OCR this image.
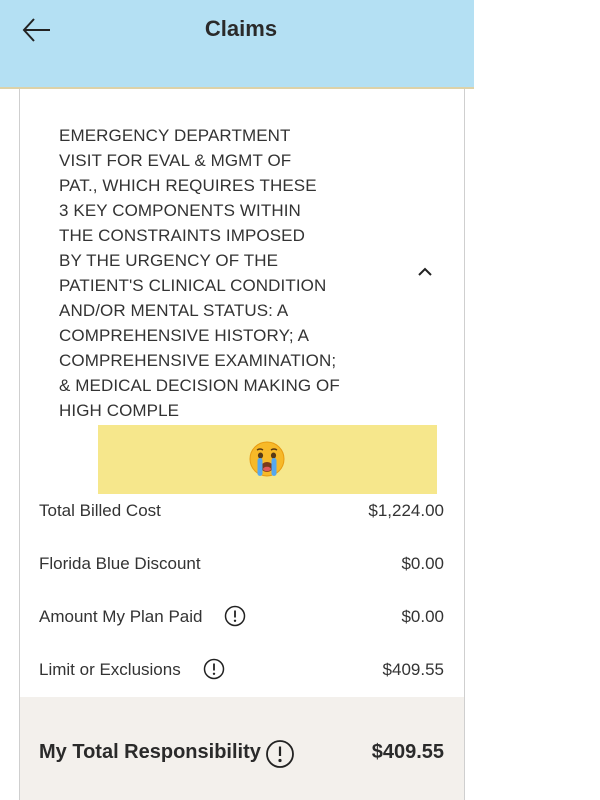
Claims
EMERGENCY DEPARTMENT
VISIT FOR EVAL & MGMT OF
PAT., WHICH REQUIRES THESE
3 KEY COMPONENTS WITHIN
THE CONSTRAINTS IMPOSED
BY THE URGENCY OF THE
PATIENT'S CLINICAL CONDITION
AND/OR MENTAL STATUS: A
COMPREHENSIVE HISTORY; A
COMPREHENSIVE EXAMINATION;
& MEDICAL DECISION MAKING OF
HIGH COMPLE
Total Billed Cost	$1,224.00
Florida Blue Discount	$0.00
Amount My Plan Paid	$0.00
Limit or Exclusions	$409.55
My Total Responsibility	$409.55
